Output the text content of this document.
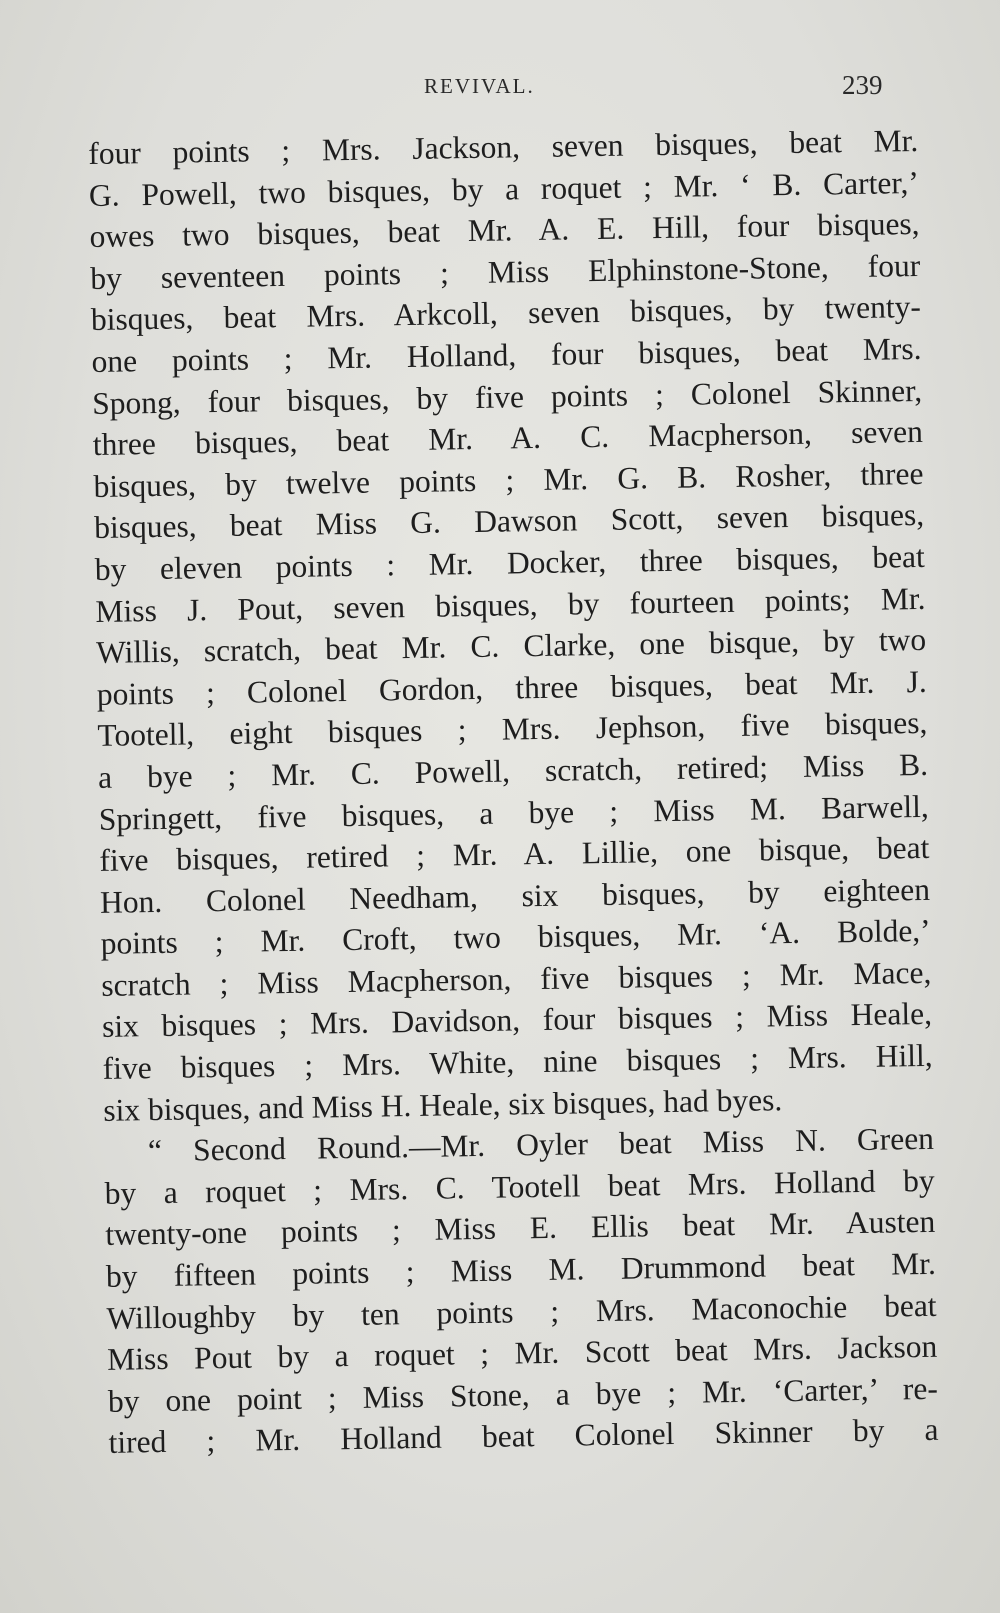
REVIVAL.	239
four points ; Mrs. Jackson, seven bisques, beat Mr.
G. Powell, two bisques, by a roquet ; Mr. ‘ B. Carter,’
owes two bisques, beat Mr. A. E. Hill, four bisques,
by seventeen points ; Miss Elphinstone-Stone, four
bisques, beat Mrs. Arkcoll, seven bisques, by twenty-
one points ; Mr. Holland, four bisques, beat Mrs.
Spong, four bisques, by five points ; Colonel Skinner,
three bisques, beat Mr. A. C. Macpherson, seven
bisques, by twelve points ; Mr. G. B. Rosher, three
bisques, beat Miss G. Dawson Scott, seven bisques,
by eleven points : Mr. Docker, three bisques, beat
Miss J. Pout, seven bisques, by fourteen points; Mr.
Willis, scratch, beat Mr. C. Clarke, one bisque, by two
points ; Colonel Gordon, three bisques, beat Mr. J.
Tootell, eight bisques ; Mrs. Jephson, five bisques,
a bye ; Mr. C. Powell, scratch, retired; Miss B.
Springett, five bisques, a bye ; Miss M. Barwell,
five bisques, retired ; Mr. A. Lillie, one bisque, beat
Hon. Colonel Needham, six bisques, by eighteen
points ; Mr. Croft, two bisques, Mr. ‘A. Bolde,’
scratch ; Miss Macpherson, five bisques ; Mr. Mace,
six bisques ; Mrs. Davidson, four bisques ; Miss Heale,
five bisques ; Mrs. White, nine bisques ; Mrs. Hill,
six bisques, and Miss H. Heale, six bisques, had byes.
“ Second Round.—Mr. Oyler beat Miss N. Green
by a roquet ; Mrs. C. Tootell beat Mrs. Holland by
twenty-one points ; Miss E. Ellis beat Mr. Austen
by fifteen points ; Miss M. Drummond beat Mr.
Willoughby by ten points ; Mrs. Maconochie beat
Miss Pout by a roquet ; Mr. Scott beat Mrs. Jackson
by one point ; Miss Stone, a bye ; Mr. ‘Carter,’ re-
tired ; Mr. Holland beat Colonel Skinner by a
